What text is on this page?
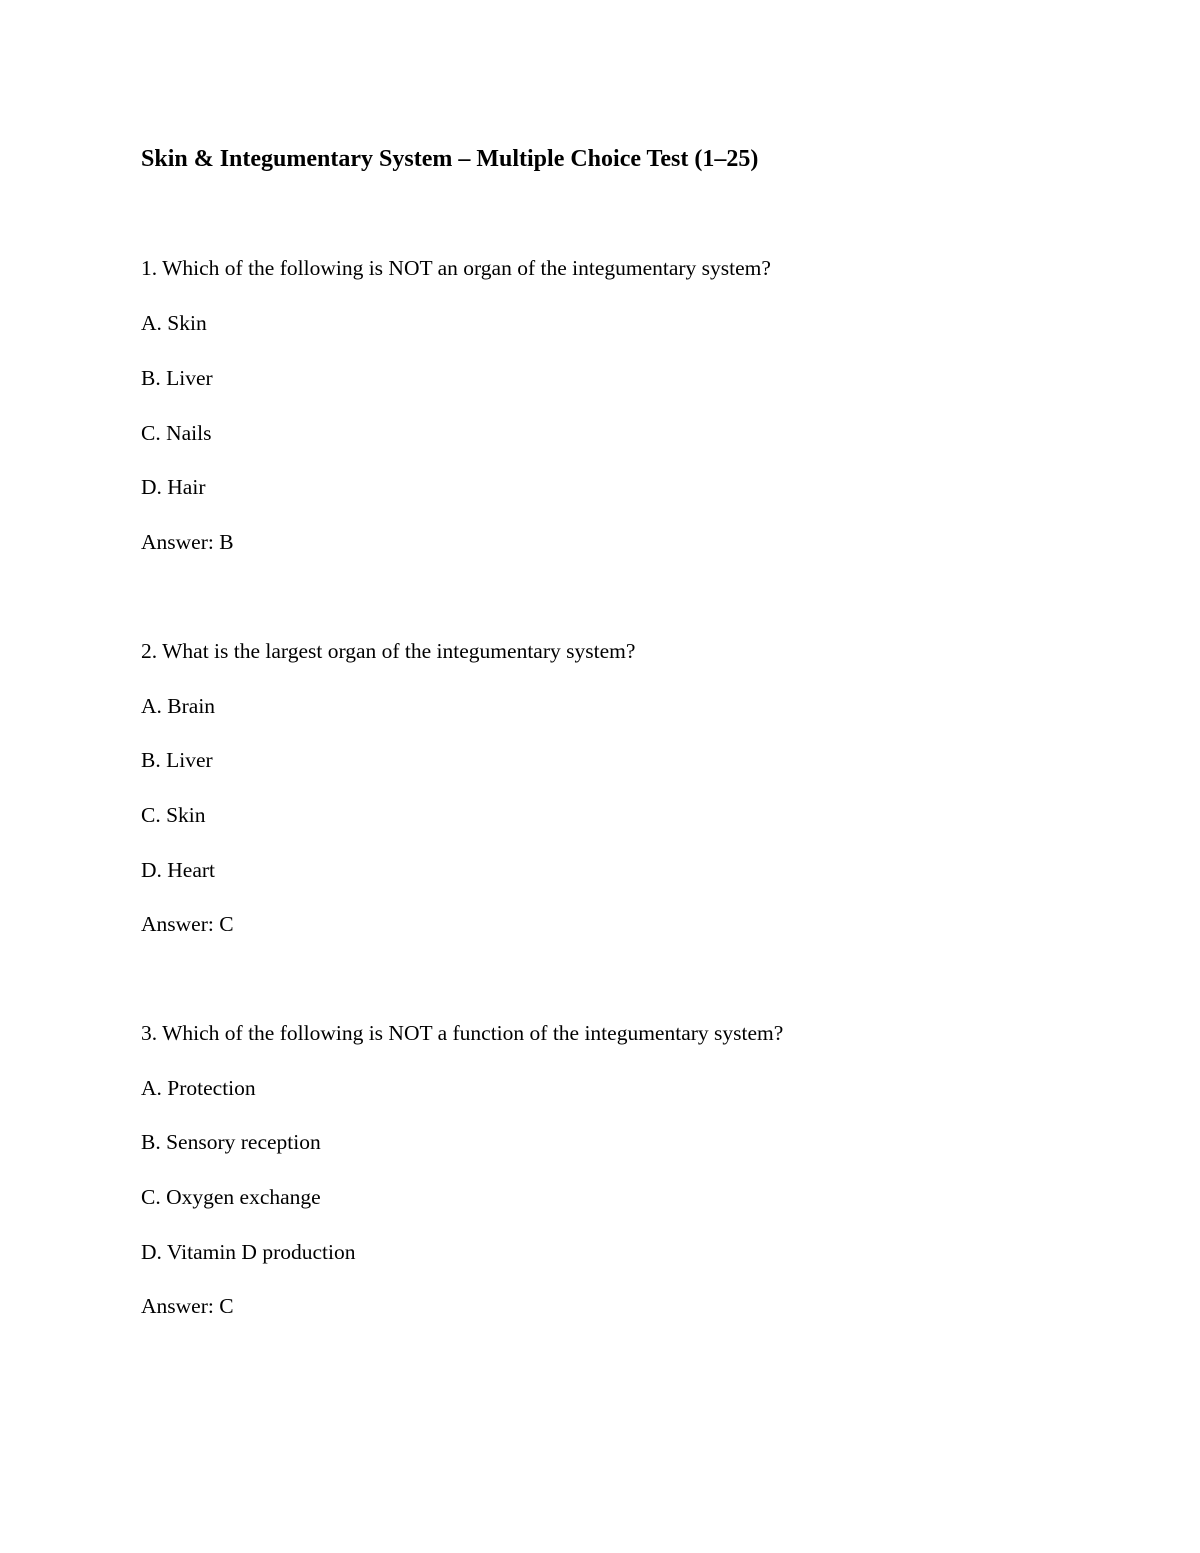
Skin & Integumentary System – Multiple Choice Test (1–25)
1. Which of the following is NOT an organ of the integumentary system?
A. Skin
B. Liver
C. Nails
D. Hair
Answer: B
2. What is the largest organ of the integumentary system?
A. Brain
B. Liver
C. Skin
D. Heart
Answer: C
3. Which of the following is NOT a function of the integumentary system?
A. Protection
B. Sensory reception
C. Oxygen exchange
D. Vitamin D production
Answer: C
